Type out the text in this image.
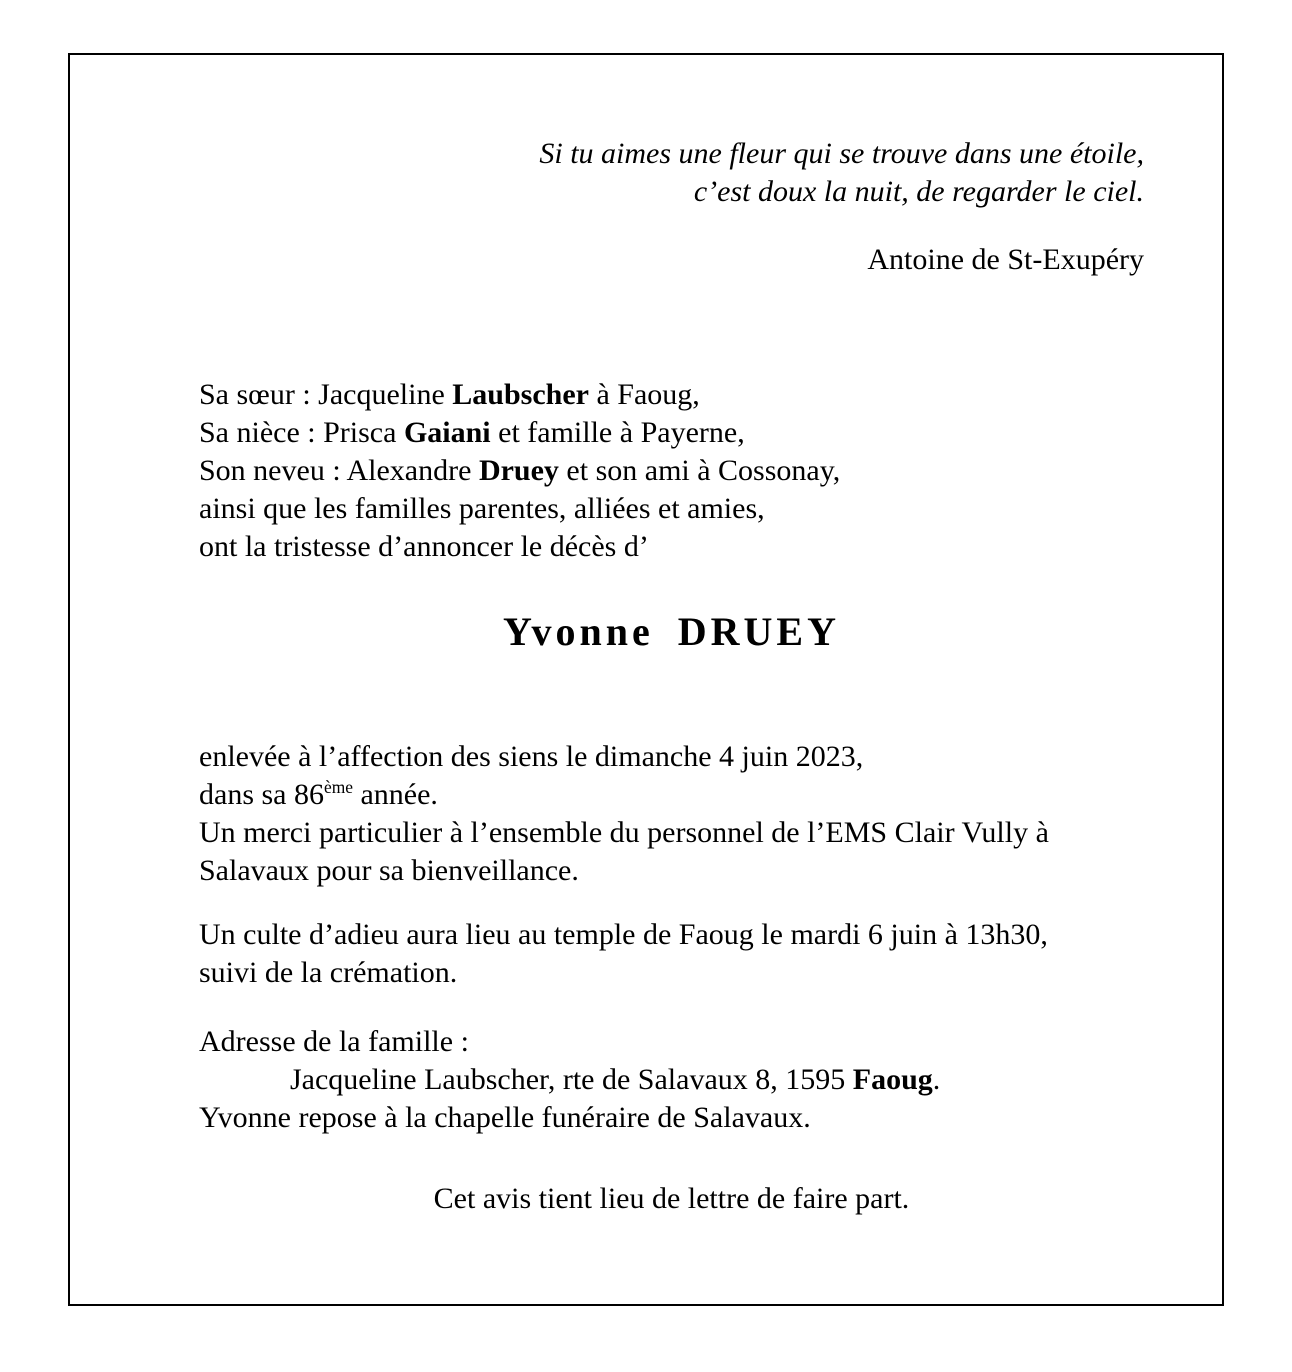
Si tu aimes une fleur qui se trouve dans une étoile,

c’est doux la nuit, de regarder le ciel.

Antoine de St-Exupéry

Sa sœur : Jacqueline Laubscher à Faoug,

Sa nièce : Prisca Gaiani et famille à Payerne,

Son neveu : Alexandre Druey et son ami à Cossonay,

ainsi que les familles parentes, alliées et amies,

ont la tristesse d’annoncer le décès d’

Yvonne DRUEY

enlevée à l’affection des siens le dimanche 4 juin 2023,

dans sa 86ème année.

Un merci particulier à l’ensemble du personnel de l’EMS Clair Vully à

Salavaux pour sa bienveillance.

Un culte d’adieu aura lieu au temple de Faoug le mardi 6 juin à 13h30,

suivi de la crémation.

Adresse de la famille :

Jacqueline Laubscher, rte de Salavaux 8, 1595 Faoug.

Yvonne repose à la chapelle funéraire de Salavaux.

Cet avis tient lieu de lettre de faire part.
